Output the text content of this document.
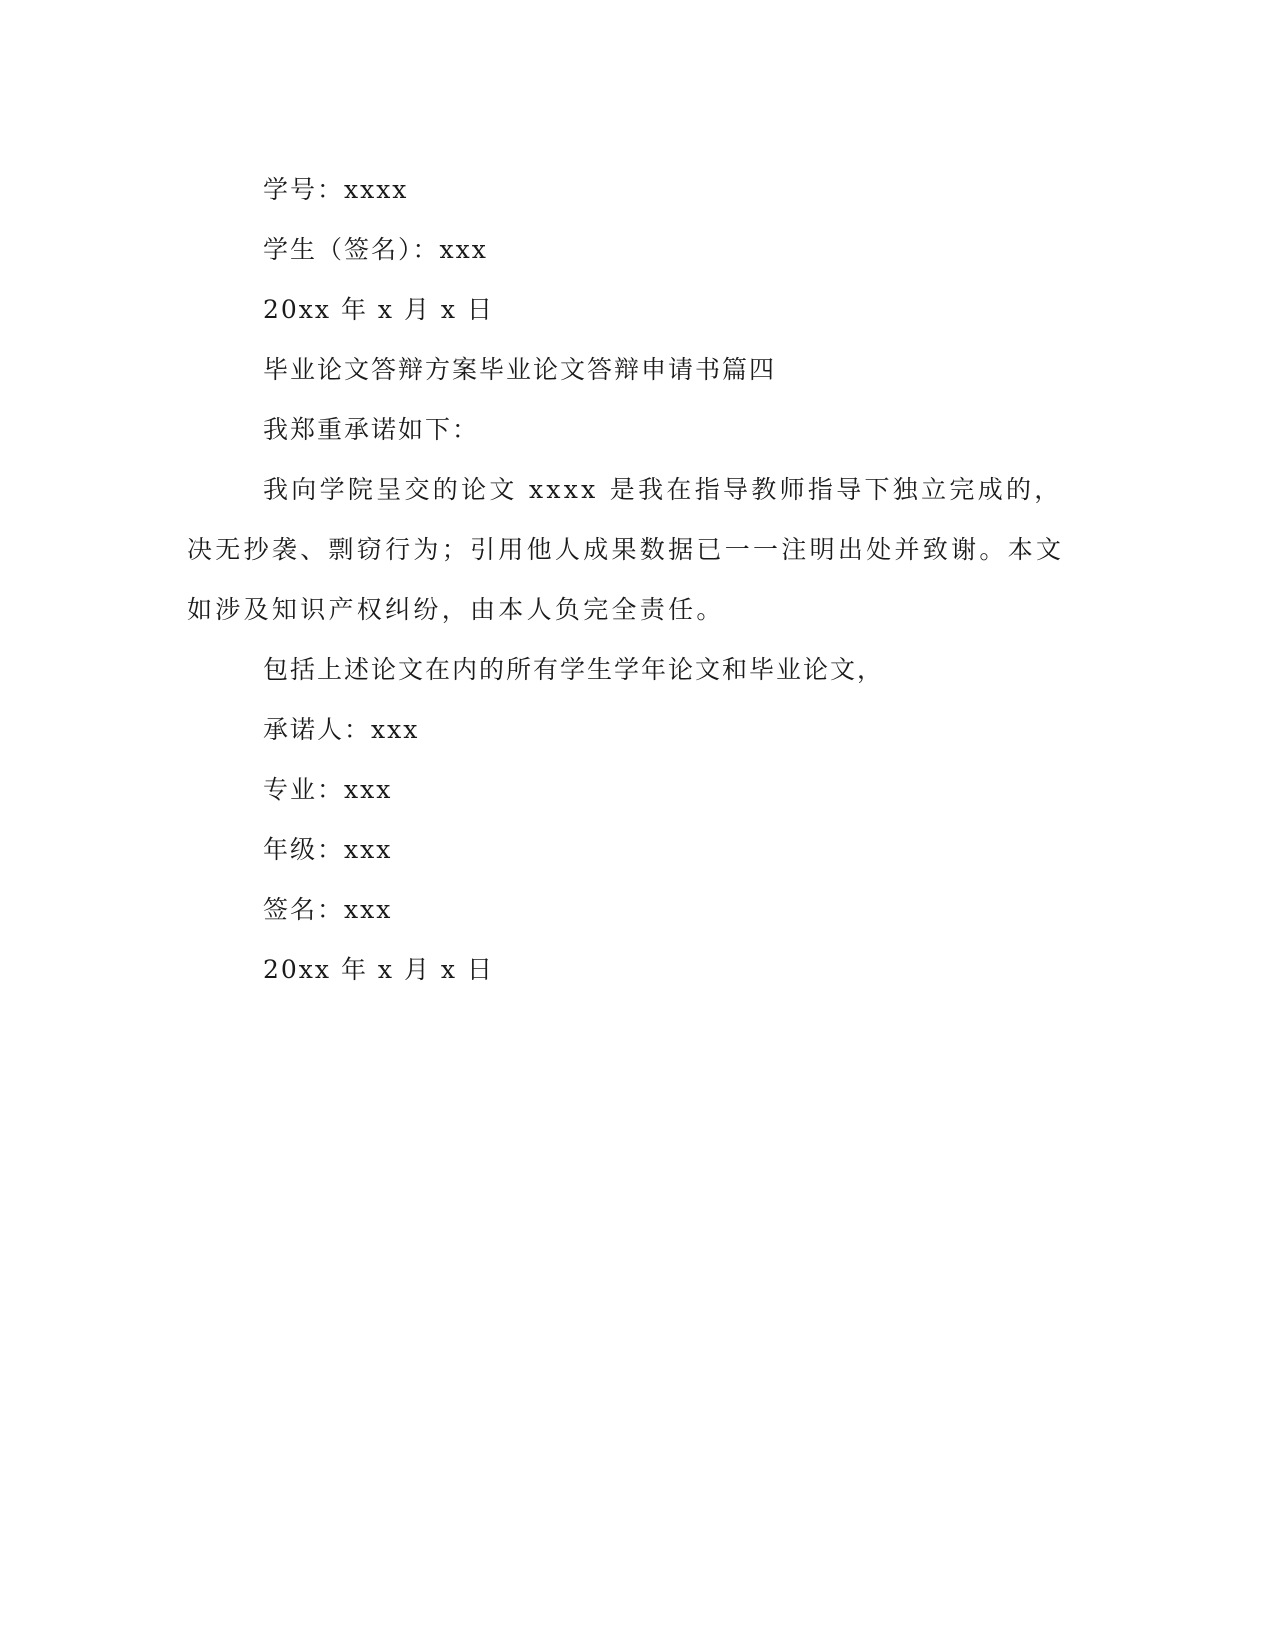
学号：xxxx

学生（签名）：xxx

20xx 年 x 月 x 日

毕业论文答辩方案毕业论文答辩申请书篇四

我郑重承诺如下：

我向学院呈交的论文 xxxx 是我在指导教师指导下独立完成的，决无抄袭、剽窃行为；引用他人成果数据已一一注明出处并致谢。本文如涉及知识产权纠纷，由本人负完全责任。

包括上述论文在内的所有学生学年论文和毕业论文，

承诺人：xxx

专业：xxx

年级：xxx

签名：xxx

20xx 年 x 月 x 日
